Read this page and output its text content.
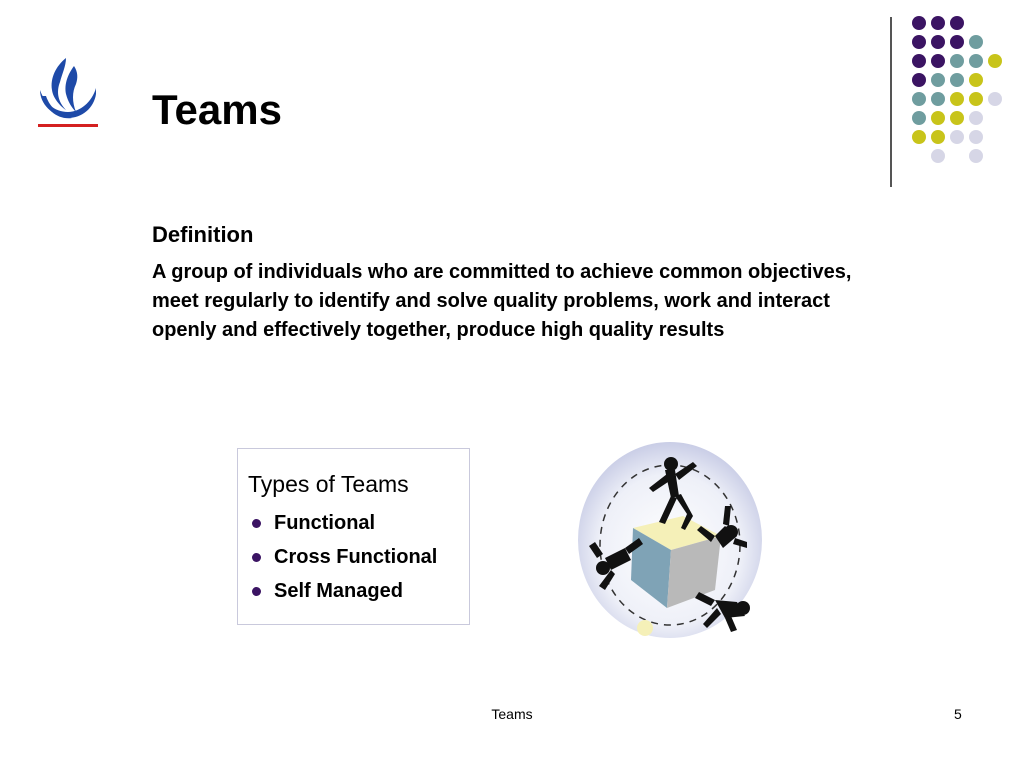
Teams
Definition
A group of individuals who are committed to achieve common objectives, meet regularly to identify and solve quality problems, work and interact openly and effectively together, produce high quality results
Types of Teams
Functional
Cross Functional
Self Managed
Teams	5
